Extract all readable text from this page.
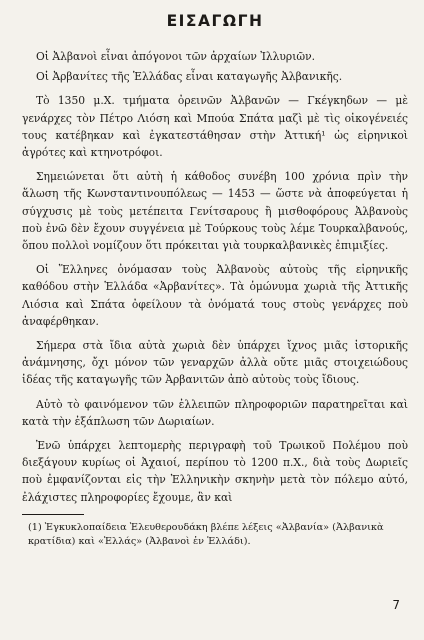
ΕΙΣΑΓΩΓΗ

Οἱ Ἀλβανοὶ εἶναι ἀπόγονοι τῶν ἀρχαίων Ἰλλυριῶν.

Οἱ Ἀρβανίτες τῆς Ἑλλάδας εἶναι καταγωγῆς Ἀλβανικῆς.

Τὸ 1350 μ.Χ. τμήματα ὀρεινῶν Ἀλβανῶν — Γκέγκηδων — μὲ γενάρχες τὸν Πέτρο Λιόση καὶ Μπούα Σπάτα μαζὶ μὲ τὶς οἰκογένειές τους κατέβηκαν καὶ ἐγκατεστάθησαν στὴν Ἀττική¹ ὡς εἰρηνικοὶ ἀγρότες καὶ κτηνοτρόφοι.

Σημειώνεται ὅτι αὐτὴ ἡ κάθοδος συνέβη 100 χρόνια πρὶν τὴν ἅλωση τῆς Κωνσταντινουπόλεως — 1453 — ὥστε νὰ ἀποφεύγεται ἡ σύγχυσις μὲ τοὺς μετέπειτα Γενίτσαρους ἢ μισθοφόρους Ἀλβανοὺς ποὺ ἐνῶ δὲν ἔχουν συγγένεια μὲ Τούρκους τοὺς λέμε Τουρκαλβανούς, ὅπου πολλοὶ νομίζουν ὅτι πρόκειται γιὰ τουρκαλβανικὲς ἐπιμιξίες.

Οἱ Ἕλληνες ὀνόμασαν τοὺς Ἀλβανοὺς αὐτοὺς τῆς εἰρηνικῆς καθόδου στὴν Ἑλλάδα «Ἀρβανίτες». Τὰ ὁμώνυμα χωριὰ τῆς Ἀττικῆς Λιόσια καὶ Σπάτα ὀφείλουν τὰ ὀνόματά τους στοὺς γενάρχες ποὺ ἀναφέρθηκαν.

Σήμερα στὰ ἴδια αὐτὰ χωριὰ δὲν ὑπάρχει ἴχνος μιᾶς ἱστορικῆς ἀνάμνησης, ὄχι μόνον τῶν γεναρχῶν ἀλλὰ οὔτε μιᾶς στοιχειώδους ἰδέας τῆς καταγωγῆς τῶν Ἀρβανιτῶν ἀπὸ αὐτοὺς τοὺς ἴδιους.

Αὐτὸ τὸ φαινόμενον τῶν ἐλλειπῶν πληροφοριῶν παρατηρεῖται καὶ κατὰ τὴν ἐξάπλωση τῶν Δωριαίων.

Ἐνῶ ὑπάρχει λεπτομερὴς περιγραφὴ τοῦ Τρωικοῦ Πολέμου ποὺ διεξάγουν κυρίως οἱ Ἀχαιοί, περίπου τὸ 1200 π.Χ., διὰ τοὺς Δωριεῖς ποὺ ἐμφανίζονται εἰς τὴν Ἑλληνικὴν σκηνὴν μετὰ τὸν πόλεμο αὐτό, ἐλάχιστες πληροφορίες ἔχουμε, ἂν καὶ

(1) Ἐγκυκλοπαίδεια Ἐλευθερουδάκη βλέπε λέξεις «Ἀλβανία» (Ἀλβανικὰ κρατίδια) καὶ «Ἑλλάς» (Ἀλβανοὶ ἐν Ἑλλάδι).

7
